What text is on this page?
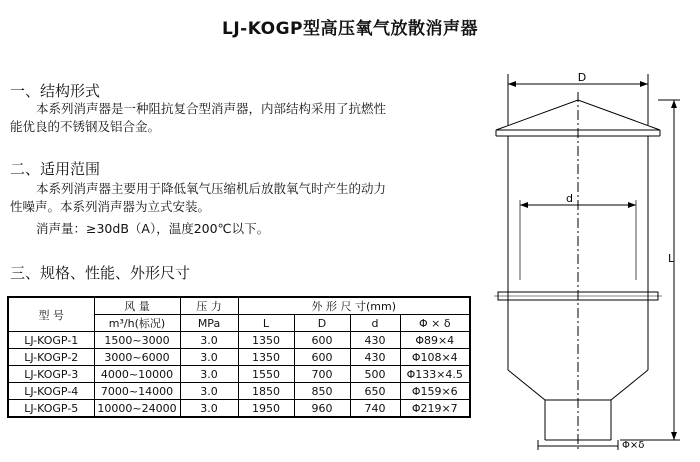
LJ-KOGP型高压氧气放散消声器
一、结构形式
本系列消声器是一种阻抗复合型消声器，内部结构采用了抗燃性
能优良的不锈钢及铝合金。
二、适用范围
本系列消声器主要用于降低氧气压缩机后放散氧气时产生的动力
性噪声。本系列消声器为立式安装。
消声量：≥30dB（A），温度200℃以下。
三、规格、性能、外形尺寸
型 号	风 量	压 力	外 形 尺 寸(mm)			
	m³/h(标况)	MPa	L	D	d	Φ × δ
LJ-KOGP-1	1500~3000	3.0	1350	600	430	Φ89×4
LJ-KOGP-2	3000~6000	3.0	1350	600	430	Φ108×4
LJ-KOGP-3	4000~10000	3.0	1550	700	500	Φ133×4.5
LJ-KOGP-4	7000~14000	3.0	1850	850	650	Φ159×6
LJ-KOGP-5	10000~24000	3.0	1950	960	740	Φ219×7
D
d
L
Φ×δ
